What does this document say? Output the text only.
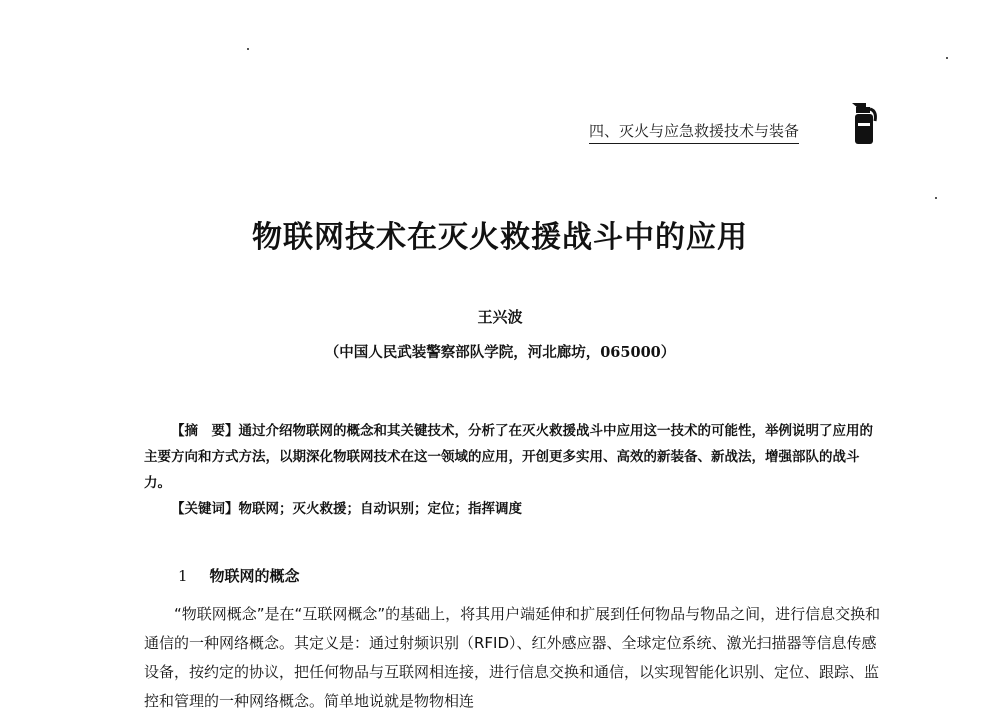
四、灭火与应急救援技术与装备
物联网技术在灭火救援战斗中的应用
王兴波
（中国人民武装警察部队学院，河北廊坊，065000）

【摘　要】通过介绍物联网的概念和其关键技术，分析了在灭火救援战斗中应用这一技术的可能性，举例说明了应用的主要方向和方式方法，以期深化物联网技术在这一领域的应用，开创更多实用、高效的新装备、新战法，增强部队的战斗力。

【关键词】物联网；灭火救援；自动识别；定位；指挥调度

1 物联网的概念

“物联网概念”是在“互联网概念”的基础上，将其用户端延伸和扩展到任何物品与物品之间，进行信息交换和通信的一种网络概念。其定义是：通过射频识别（RFID）、红外感应器、全球定位系统、激光扫描器等信息传感设备，按约定的协议，把任何物品与互联网相连接，进行信息交换和通信，以实现智能化识别、定位、跟踪、监控和管理的一种网络概念。简单地说就是物物相连
